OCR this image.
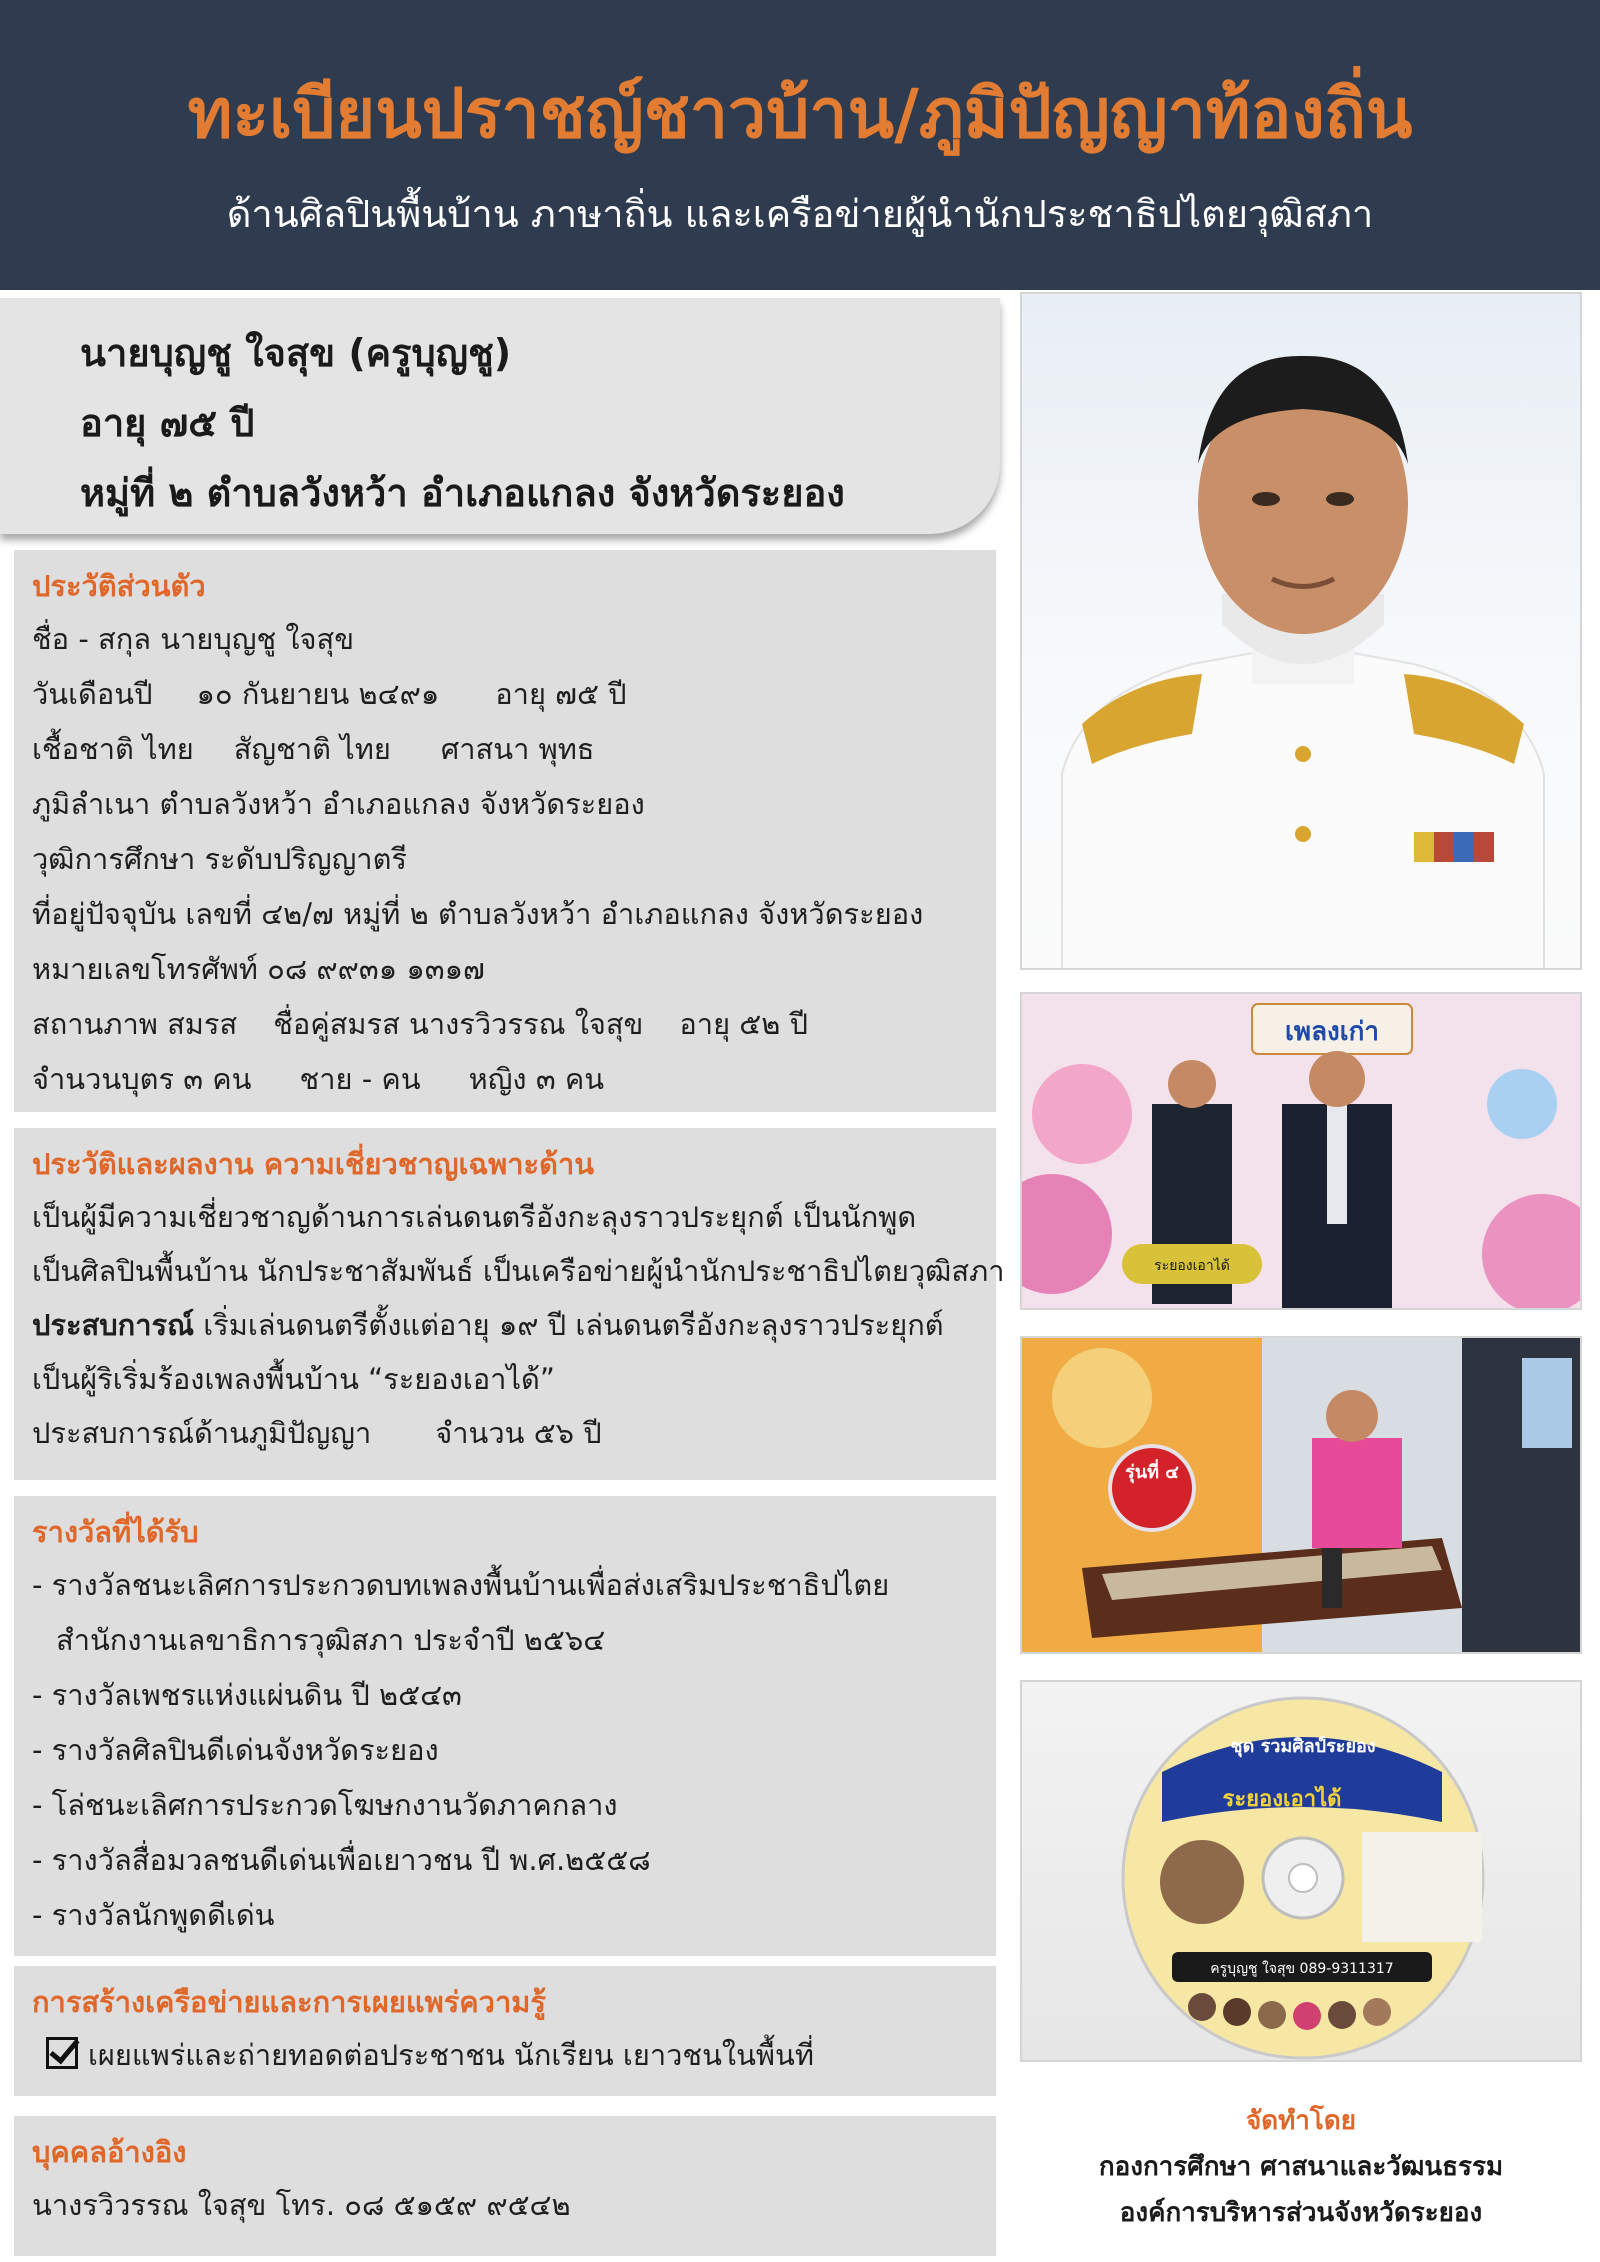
ทะเบียนปราชญ์ชาวบ้าน/ภูมิปัญญาท้องถิ่น
ด้านศิลปินพื้นบ้าน ภาษาถิ่น และเครือข่ายผู้นำนักประชาธิปไตยวุฒิสภา
นายบุญชู ใจสุข (ครูบุญชู)
อายุ ๗๕ ปี
หมู่ที่ ๒ ตำบลวังหว้า อำเภอแกลง จังหวัดระยอง
ประวัติส่วนตัว
ชื่อ - สกุล นายบุญชู ใจสุข
วันเดือนปี ๑๐ กันยายน ๒๔๙๑ อายุ ๗๕ ปี
เชื้อชาติ ไทย สัญชาติ ไทย ศาสนา พุทธ
ภูมิลำเนา ตำบลวังหว้า อำเภอแกลง จังหวัดระยอง
วุฒิการศึกษา ระดับปริญญาตรี
ที่อยู่ปัจจุบัน เลขที่ ๔๒/๗ หมู่ที่ ๒ ตำบลวังหว้า อำเภอแกลง จังหวัดระยอง
หมายเลขโทรศัพท์ ๐๘ ๙๙๓๑ ๑๓๑๗
สถานภาพ สมรส ชื่อคู่สมรส นางรวิวรรณ ใจสุข อายุ ๕๒ ปี
จำนวนบุตร ๓ คน ชาย - คน หญิง ๓ คน
ประวัติและผลงาน ความเชี่ยวชาญเฉพาะด้าน
เป็นผู้มีความเชี่ยวชาญด้านการเล่นดนตรีอังกะลุงราวประยุกต์ เป็นนักพูด
เป็นศิลปินพื้นบ้าน นักประชาสัมพันธ์ เป็นเครือข่ายผู้นำนักประชาธิปไตยวุฒิสภา
ประสบการณ์ เริ่มเล่นดนตรีตั้งแต่อายุ ๑๙ ปี เล่นดนตรีอังกะลุงราวประยุกต์
เป็นผู้ริเริ่มร้องเพลงพื้นบ้าน “ระยองเอาได้”
ประสบการณ์ด้านภูมิปัญญา จำนวน ๕๖ ปี
รางวัลที่ได้รับ
- รางวัลชนะเลิศการประกวดบทเพลงพื้นบ้านเพื่อส่งเสริมประชาธิปไตย
สำนักงานเลขาธิการวุฒิสภา ประจำปี ๒๕๖๔
- รางวัลเพชรแห่งแผ่นดิน ปี ๒๕๔๓
- รางวัลศิลปินดีเด่นจังหวัดระยอง
- โล่ชนะเลิศการประกวดโฆษกงานวัดภาคกลาง
- รางวัลสื่อมวลชนดีเด่นเพื่อเยาวชน ปี พ.ศ.๒๕๕๘
- รางวัลนักพูดดีเด่น
การสร้างเครือข่ายและการเผยแพร่ความรู้
เผยแพร่และถ่ายทอดต่อประชาชน นักเรียน เยาวชนในพื้นที่
บุคคลอ้างอิง
นางรวิวรรณ ใจสุข โทร. ๐๘ ๕๑๕๙ ๙๕๔๒
เพลงเก่า
ระยองเอาได้
รุ่นที่ ๔
ชุด รวมศิลป์ระยอง
ระยองเอาได้
ครูบุญชู ใจสุข 089-9311317
จัดทำโดย
กองการศึกษา ศาสนาและวัฒนธรรม
องค์การบริหารส่วนจังหวัดระยอง
